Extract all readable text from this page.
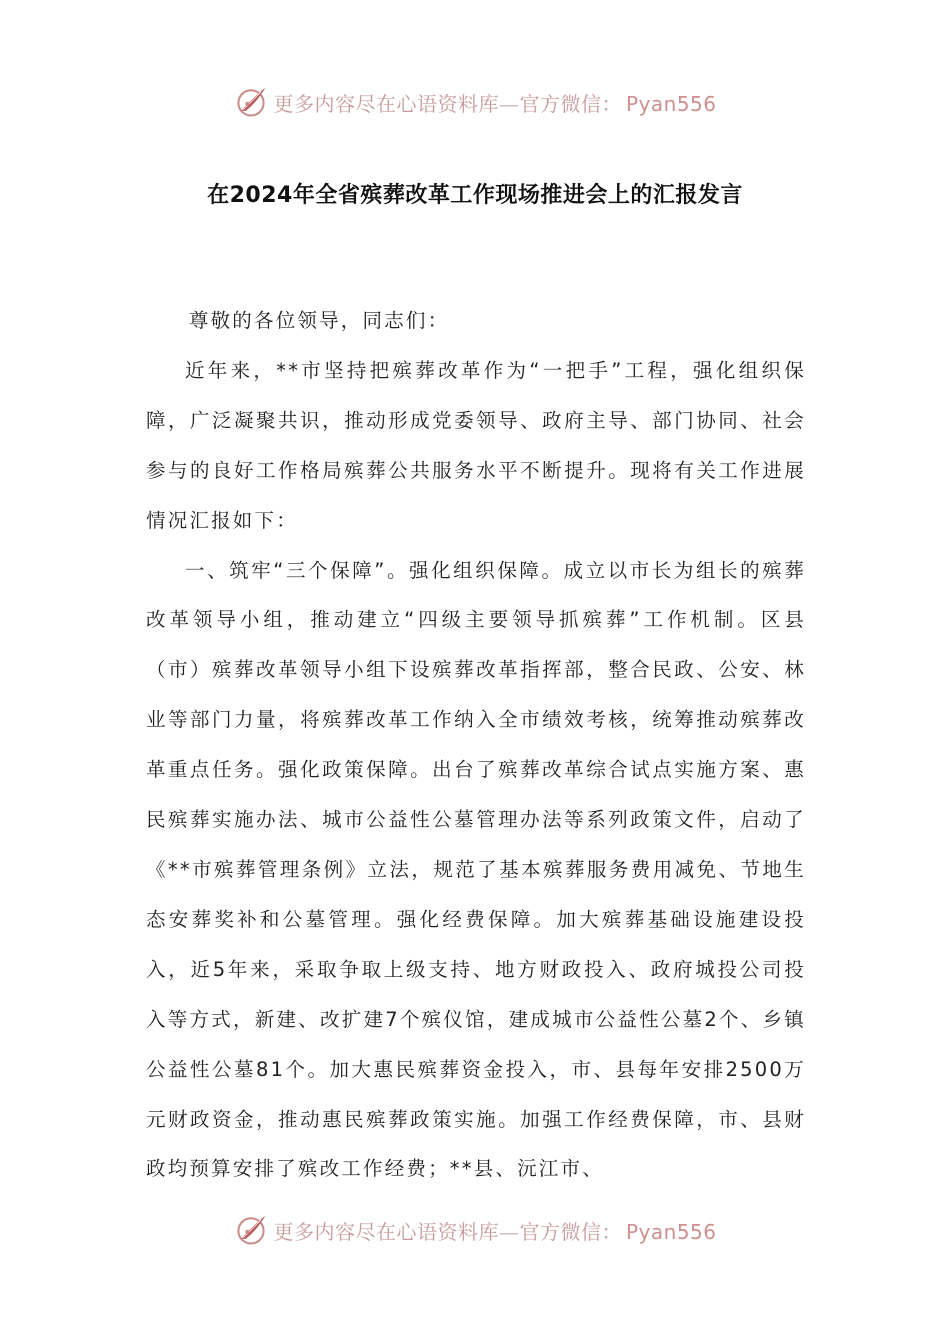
更多内容尽在心语资料库—官方微信： Pyan556
在2024年全省殡葬改革工作现场推进会上的汇报发言

尊敬的各位领导，同志们：

近年来，**市坚持把殡葬改革作为“一把手”工程，强化组织保障，广泛凝聚共识，推动形成党委领导、政府主导、部门协同、社会参与的良好工作格局殡葬公共服务水平不断提升。现将有关工作进展情况汇报如下：

一、筑牢“三个保障”。强化组织保障。成立以市长为组长的殡葬改革领导小组，推动建立“四级主要领导抓殡葬”工作机制。区县（市）殡葬改革领导小组下设殡葬改革指挥部，整合民政、公安、林业等部门力量，将殡葬改革工作纳入全市绩效考核，统筹推动殡葬改革重点任务。强化政策保障。出台了殡葬改革综合试点实施方案、惠民殡葬实施办法、城市公益性公墓管理办法等系列政策文件，启动了《**市殡葬管理条例》立法，规范了基本殡葬服务费用减免、节地生态安葬奖补和公墓管理。强化经费保障。加大殡葬基础设施建设投入，近5年来，采取争取上级支持、地方财政投入、政府城投公司投入等方式，新建、改扩建7个殡仪馆，建成城市公益性公墓2个、乡镇公益性公墓81个。加大惠民殡葬资金投入，市、县每年安排2500万元财政资金，推动惠民殡葬政策实施。加强工作经费保障，市、县财政均预算安排了殡改工作经费；**县、沅江市、

更多内容尽在心语资料库—官方微信： Pyan556
